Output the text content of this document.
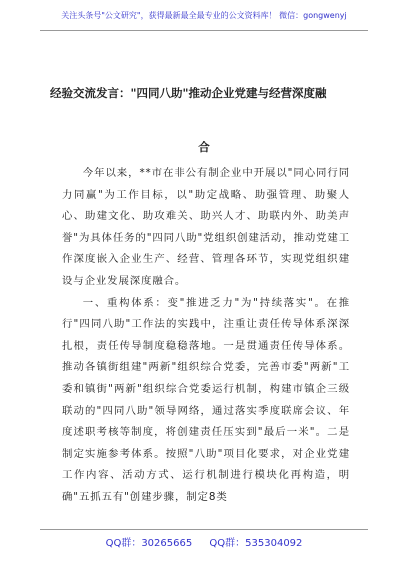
关注头条号"公文研究"，获得最新最全最专业的公文资料库！ 微信：gongwenyj
经验交流发言："四同八助"推动企业党建与经营深度融
合

今年以来，**市在非公有制企业中开展以"同心同行同力同赢"为工作目标，以"助定战略、助强管理、助聚人心、助建文化、助攻难关、助兴人才、助联内外、助美声誉"为具体任务的"四同八助"党组织创建活动，推动党建工作深度嵌入企业生产、经营、管理各环节，实现党组织建设与企业发展深度融合。

一、重构体系：变"推进乏力"为"持续落实"。在推行"四同八助"工作法的实践中，注重让责任传导体系深深扎根，责任传导制度稳稳落地。一是贯通责任传导体系。推动各镇街组建"两新"组织综合党委，完善市委"两新"工委和镇街"两新"组织综合党委运行机制，构建市镇企三级联动的"四同八助"领导网络，通过落实季度联席会议、年度述职考核等制度，将创建责任压实到"最后一米"。二是制定实施参考体系。按照"八助"项目化要求，对企业党建工作内容、活动方式、运行机制进行模块化再构造，明确"五抓五有"创建步骤，制定8类

QQ群：30265665 QQ群：535304092
